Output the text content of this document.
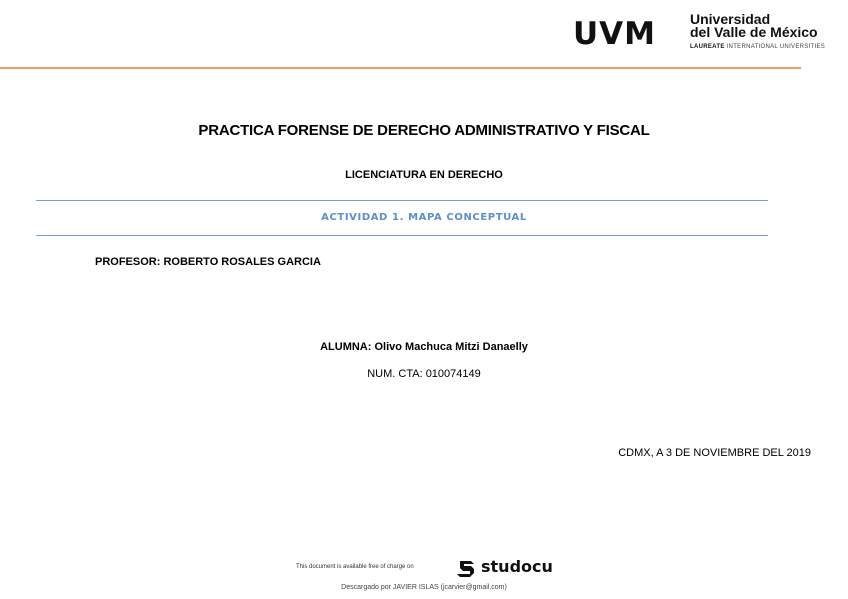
UVM Universidad
del Valle de México
LAUREATE INTERNATIONAL UNIVERSITIES
PRACTICA FORENSE DE DERECHO ADMINISTRATIVO Y FISCAL
LICENCIATURA EN DERECHO
ACTIVIDAD 1. MAPA CONCEPTUAL
PROFESOR: ROBERTO ROSALES GARCIA
ALUMNA: Olivo Machuca Mitzi Danaelly
NUM. CTA: 010074149
CDMX, A 3 DE NOVIEMBRE DEL 2019
This document is available free of charge on	studocu
Descargado por JAVIER ISLAS (jcarvier@gmail.com)
